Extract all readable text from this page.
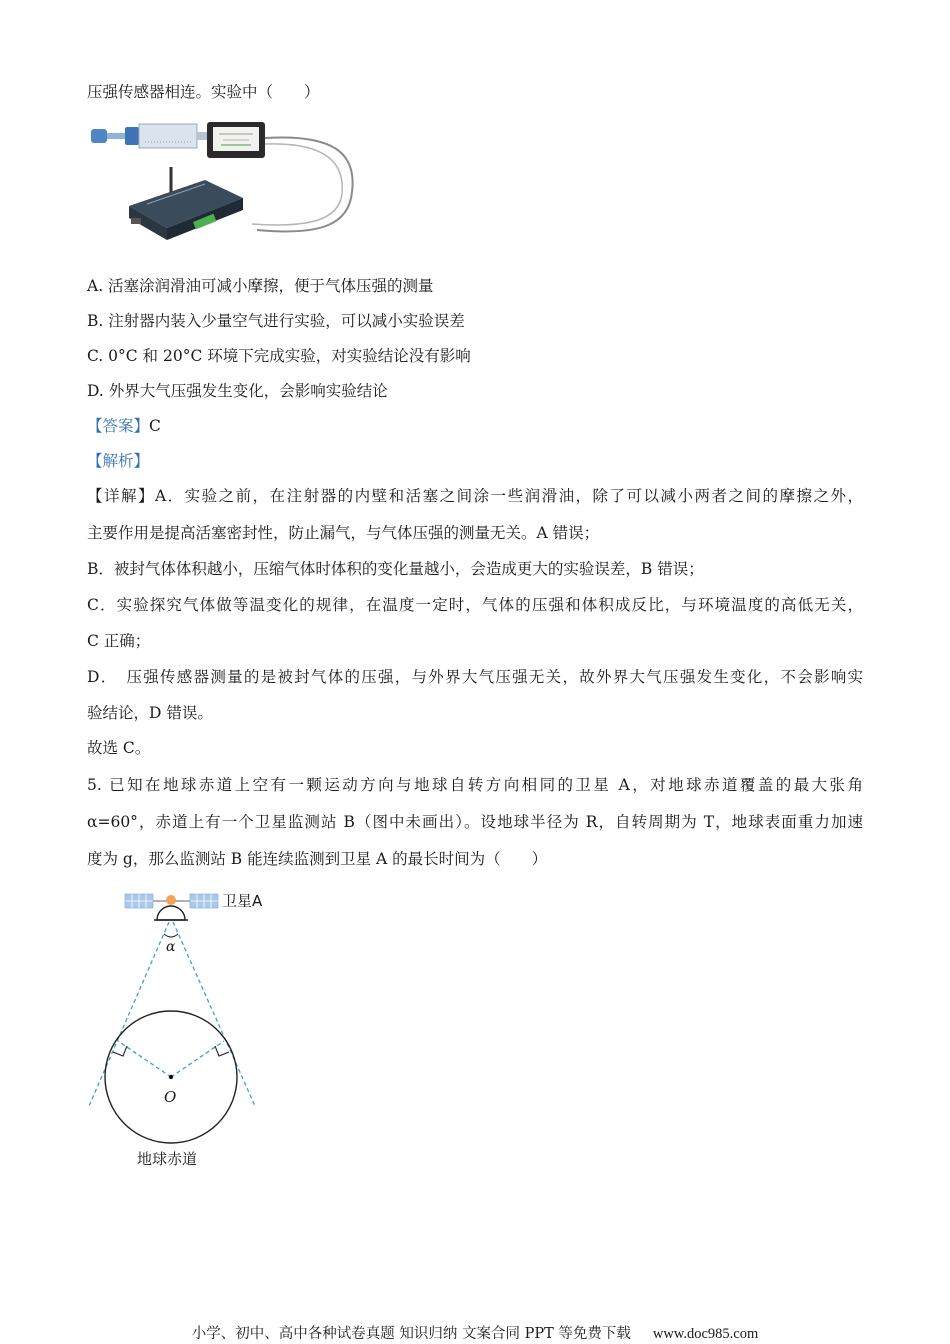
压强传感器相连。实验中（　　）
A. 活塞涂润滑油可减小摩擦，便于气体压强的测量
B. 注射器内装入少量空气进行实验，可以减小实验误差
C. 0°C 和 20°C 环境下完成实验，对实验结论没有影响
D. 外界大气压强发生变化，会影响实验结论
【答案】C
【解析】
【详解】A．实验之前，在注射器的内壁和活塞之间涂一些润滑油，除了可以减小两者之间的摩擦之外，
主要作用是提高活塞密封性，防止漏气，与气体压强的测量无关。A 错误；
B．被封气体体积越小，压缩气体时体积的变化量越小，会造成更大的实验误差，B 错误；
C．实验探究气体做等温变化的规律，在温度一定时，气体的压强和体积成反比，与环境温度的高低无关，
C 正确；
D．　压强传感器测量的是被封气体的压强，与外界大气压强无关，故外界大气压强发生变化，不会影响实
验结论，D 错误。
故选 C。
5. 已知在地球赤道上空有一颗运动方向与地球自转方向相同的卫星 A，对地球赤道覆盖的最大张角
α=60°，赤道上有一个卫星监测站 B（图中未画出）。设地球半径为 R，自转周期为 T，地球表面重力加速
度为 g，那么监测站 B 能连续监测到卫星 A 的最长时间为（　　）
卫星A
α
O
地球赤道
小学、初中、高中各种试卷真题 知识归纳 文案合同 PPT 等免费下载 www.doc985.com
